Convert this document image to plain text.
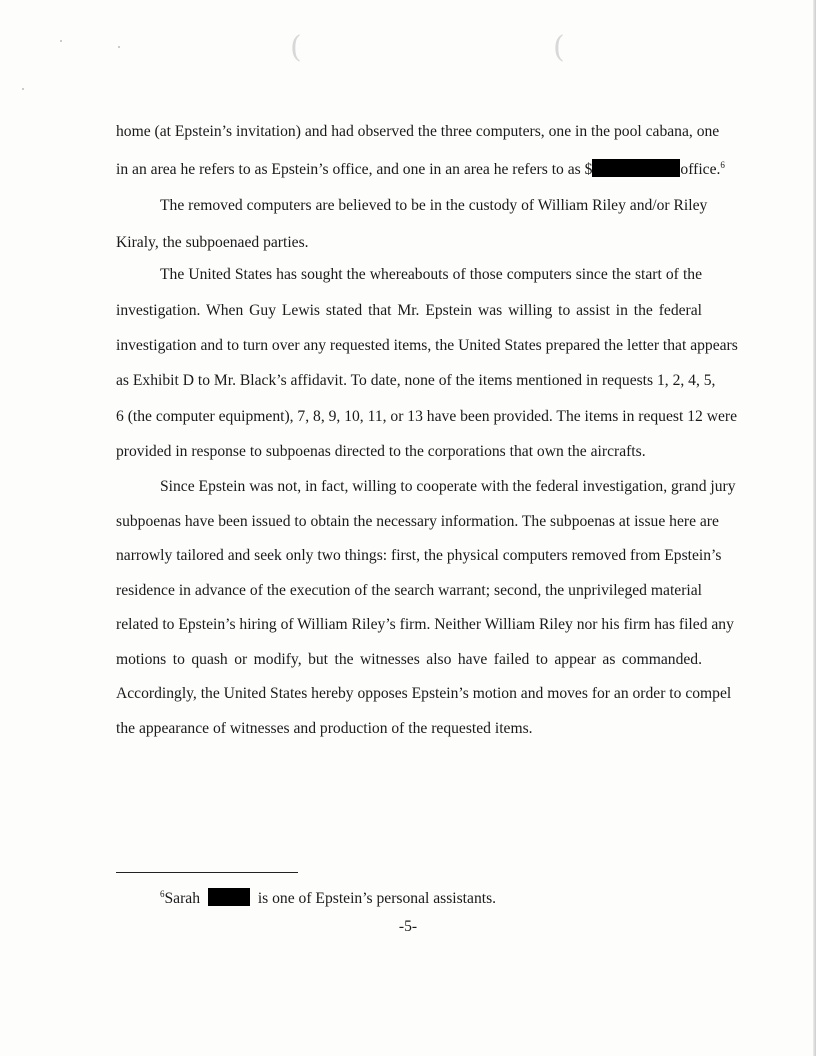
(	(
home (at Epstein’s invitation) and had observed the three computers, one in the pool cabana, one
in an area he refers to as Epstein’s office, and one in an area he refers to as $	office.$^6$
The removed computers are believed to be in the custody of William Riley and/or Riley
Kiraly, the subpoenaed parties.
The United States has sought the whereabouts of those computers since the start of the
investigation. When Guy Lewis stated that Mr. Epstein was willing to assist in the federal
investigation and to turn over any requested items, the United States prepared the letter that appears
as Exhibit D to Mr. Black’s affidavit. To date, none of the items mentioned in requests 1, 2, 4, 5,
6 (the computer equipment), 7, 8, 9, 10, 11, or 13 have been provided. The items in request 12 were
provided in response to subpoenas directed to the corporations that own the aircrafts.
Since Epstein was not, in fact, willing to cooperate with the federal investigation, grand jury
subpoenas have been issued to obtain the necessary information. The subpoenas at issue here are
narrowly tailored and seek only two things: first, the physical computers removed from Epstein’s
residence in advance of the execution of the search warrant; second, the unprivileged material
related to Epstein’s hiring of William Riley’s firm. Neither William Riley nor his firm has filed any
motions to quash or modify, but the witnesses also have failed to appear as commanded.
Accordingly, the United States hereby opposes Epstein’s motion and moves for an order to compel
the appearance of witnesses and production of the requested items.
$^6$Sarah	is one of Epstein’s personal assistants.
-5-
